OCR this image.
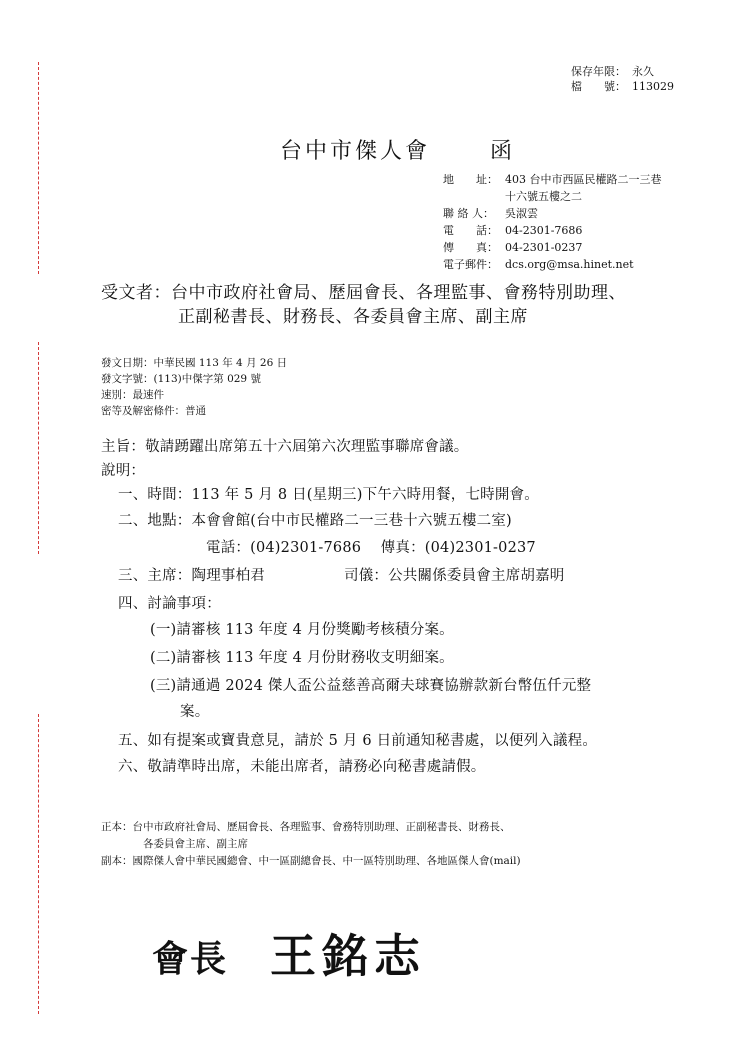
保存年限： 永久
檔　　號： 113029
台中市傑人會	函
地　　址： 403 台中市西區民權路二一三巷
十六號五樓之二
聯 絡 人：	吳淑雲
電　　話： 04-2301-7686
傳　　真： 04-2301-0237
電子郵件： dcs.org@msa.hinet.net
受文者：台中市政府社會局、歷屆會長、各理監事、會務特別助理、
正副秘書長、財務長、各委員會主席、副主席
發文日期：中華民國 113 年 4 月 26 日
發文字號：(113)中傑字第 029 號
速別：最速件
密等及解密條件：普通
主旨：敬請踴躍出席第五十六屆第六次理監事聯席會議。
說明：
一、時間：113 年 5 月 8 日(星期三)下午六時用餐，七時開會。
二、地點：本會會館(台中市民權路二一三巷十六號五樓二室)
電話：(04)2301-7686　 傳真：(04)2301-0237
三、主席：陶理事柏君	司儀：公共關係委員會主席胡嘉明
四、討論事項：
(一)請審核 113 年度 4 月份獎勵考核積分案。
(二)請審核 113 年度 4 月份財務收支明細案。
(三)請通過 2024 傑人盃公益慈善高爾夫球賽協辦款新台幣伍仟元整
案。
五、如有提案或寶貴意見，請於 5 月 6 日前通知秘書處，以便列入議程。
六、敬請準時出席，未能出席者，請務必向秘書處請假。
正本：台中市政府社會局、歷屆會長、各理監事、會務特別助理、正副秘書長、財務長、
各委員會主席、副主席
副本：國際傑人會中華民國總會、中一區副總會長、中一區特別助理、各地區傑人會(mail)
會長 王銘志
